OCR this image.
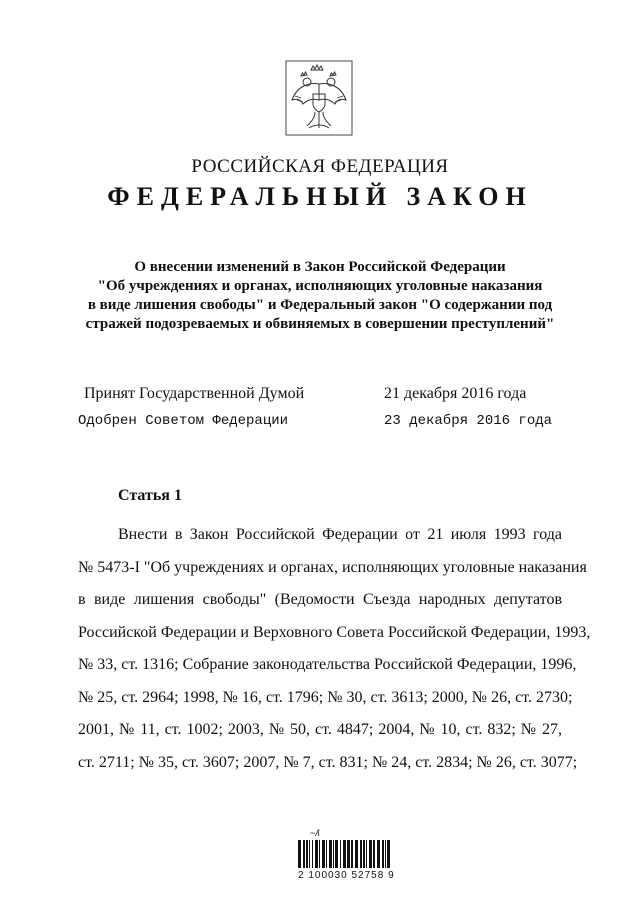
РОССИЙСКАЯ ФЕДЕРАЦИЯ
ФЕДЕРАЛЬНЫЙ ЗАКОН
О внесении изменений в Закон Российской Федерации
"Об учреждениях и органах, исполняющих уголовные наказания
в виде лишения свободы" и Федеральный закон "О содержании под
стражей подозреваемых и обвиняемых в совершении преступлений"
Принят Государственной Думой	21 декабря 2016 года
Одобрен Советом Федерации	23 декабря 2016 года
Статья 1
Внести в Закон Российской Федерации от 21 июля 1993 года
№ 5473-I "Об учреждениях и органах, исполняющих уголовные наказания
в виде лишения свободы" (Ведомости Съезда народных депутатов
Российской Федерации и Верховного Совета Российской Федерации, 1993,
№ 33, ст. 1316; Собрание законодательства Российской Федерации, 1996,
№ 25, ст. 2964; 1998, № 16, ст. 1796; № 30, ст. 3613; 2000, № 26, ст. 2730;
2001, № 11, ст. 1002; 2003, № 50, ст. 4847; 2004, № 10, ст. 832; № 27,
ст. 2711; № 35, ст. 3607; 2007, № 7, ст. 831; № 24, ст. 2834; № 26, ст. 3077;
~ʌ̃
2 100030 52758 9
